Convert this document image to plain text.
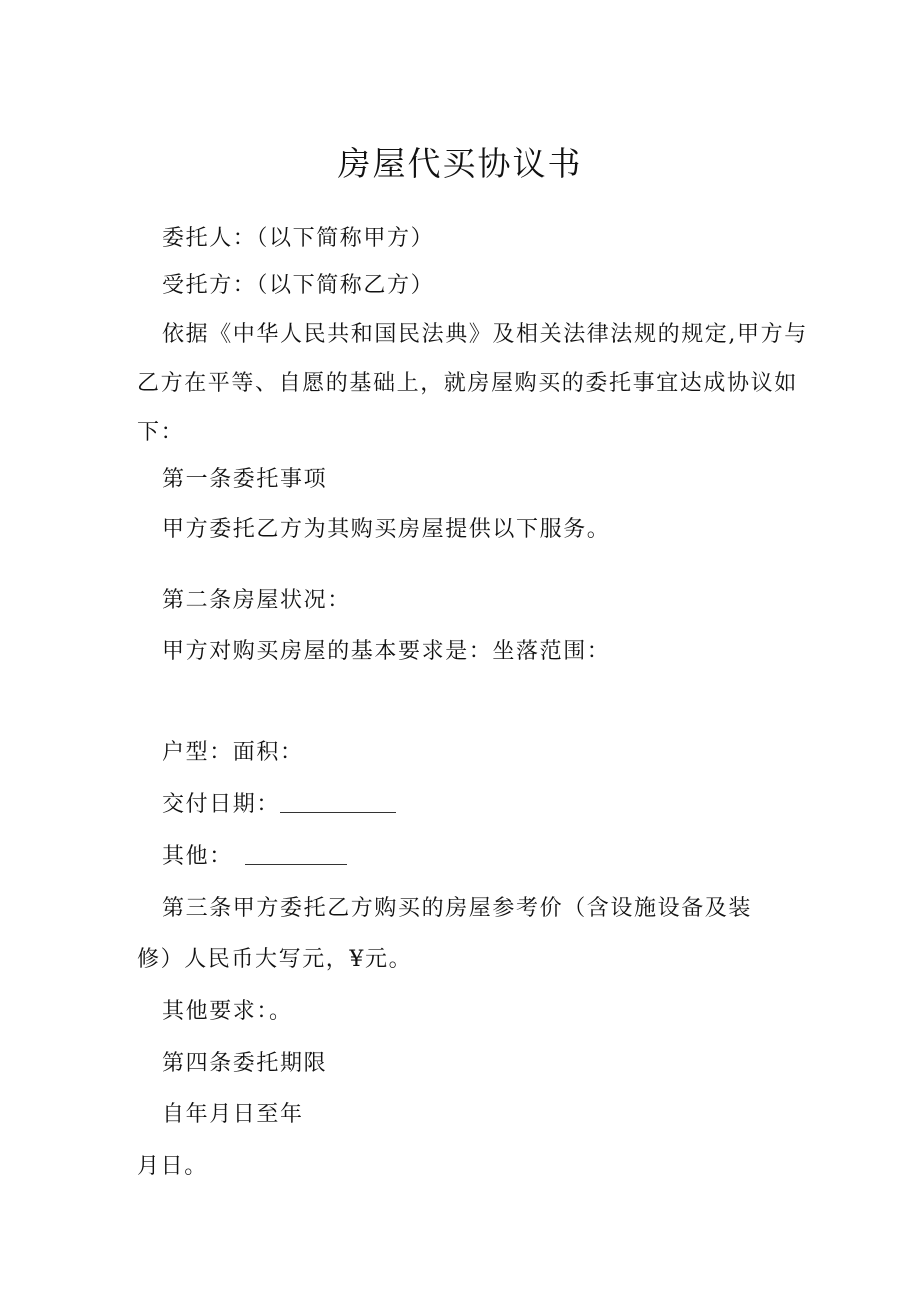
房屋代买协议书
委托人：（以下简称甲方）
受托方：（以下简称乙方）
依据《中华人民共和国民法典》及相关法律法规的规定,甲方与
乙方在平等、自愿的基础上，就房屋购买的委托事宜达成协议如
下：
第一条委托事项
甲方委托乙方为其购买房屋提供以下服务。
第二条房屋状况：
甲方对购买房屋的基本要求是：坐落范围：
户型：面积：
交付日期：
其他：
第三条甲方委托乙方购买的房屋参考价（含设施设备及装
修）人民币大写元，¥元。
其他要求：。
第四条委托期限
自年月日至年
月日。
